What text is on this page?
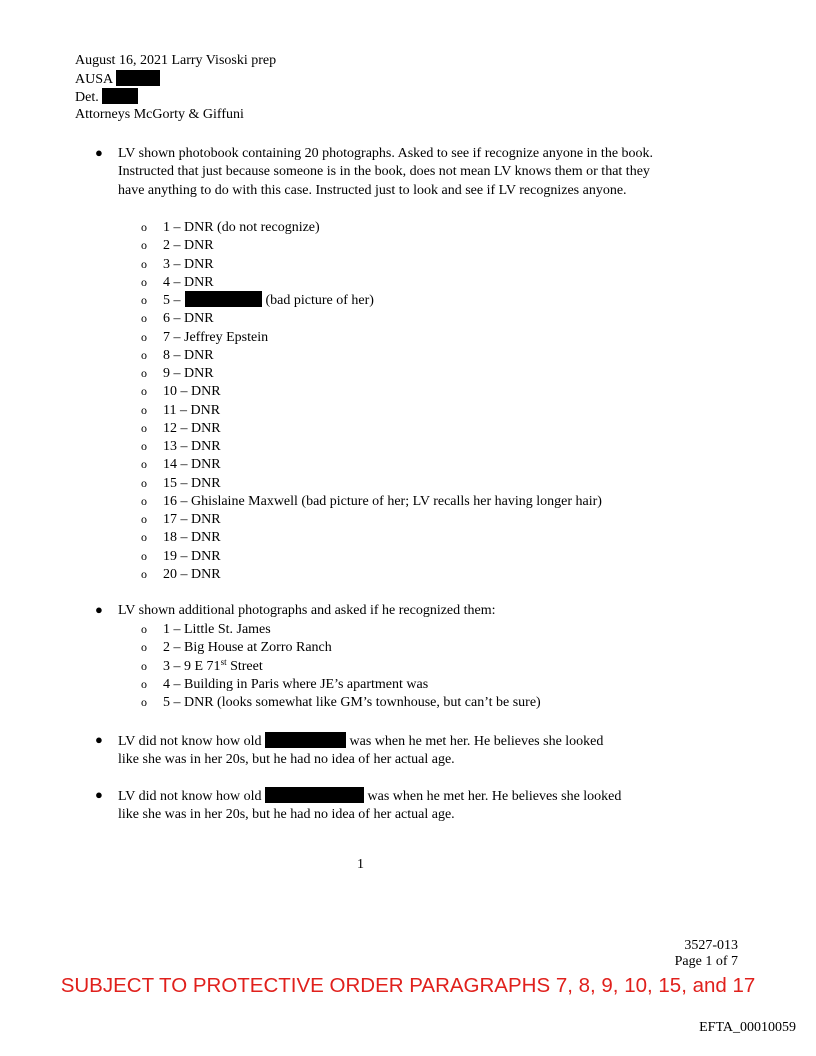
August 16, 2021 Larry Visoski prep
AUSA
Det.
Attorneys McGorty & Giffuni
● LV shown photobook containing 20 photographs. Asked to see if recognize anyone in the book. Instructed that just because someone is in the book, does not mean LV knows them or that they have anything to do with this case. Instructed just to look and see if LV recognizes anyone.
o 1 – DNR (do not recognize)
o 2 – DNR
o 3 – DNR
o 4 – DNR
o 5 –	(bad picture of her)
o 6 – DNR
o 7 – Jeffrey Epstein
o 8 – DNR
o 9 – DNR
o 10 – DNR
o 11 – DNR
o 12 – DNR
o 13 – DNR
o 14 – DNR
o 15 – DNR
o 16 – Ghislaine Maxwell (bad picture of her; LV recalls her having longer hair)
o 17 – DNR
o 18 – DNR
o 19 – DNR
o 20 – DNR
● LV shown additional photographs and asked if he recognized them:
o 1 – Little St. James
o 2 – Big House at Zorro Ranch
o 3 – 9 E 71st Street
o 4 – Building in Paris where JE’s apartment was
o 5 – DNR (looks somewhat like GM’s townhouse, but can’t be sure)
● LV did not know how old	was when he met her. He believes she looked
like she was in her 20s, but he had no idea of her actual age.
● LV did not know how old	was when he met her. He believes she looked
like she was in her 20s, but he had no idea of her actual age.
1
3527-013
Page 1 of 7
SUBJECT TO PROTECTIVE ORDER PARAGRAPHS 7, 8, 9, 10, 15, and 17
EFTA_00010059
